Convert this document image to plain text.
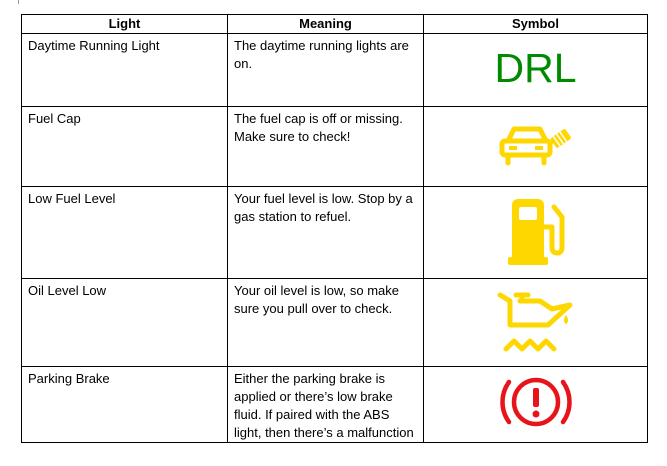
Light	Meaning	Symbol
Daytime Running Light	The daytime running lights are on.	DRL

Fuel Cap	The fuel cap is off or missing. Make sure to check!	

Low Fuel Level	Your fuel level is low. Stop by a gas station to refuel.	

Oil Level Low	Your oil level is low, so make sure you pull over to check.	

Parking Brake	Either the parking brake is applied or there’s low brake fluid. If paired with the ABS light, then there’s a malfunction	
